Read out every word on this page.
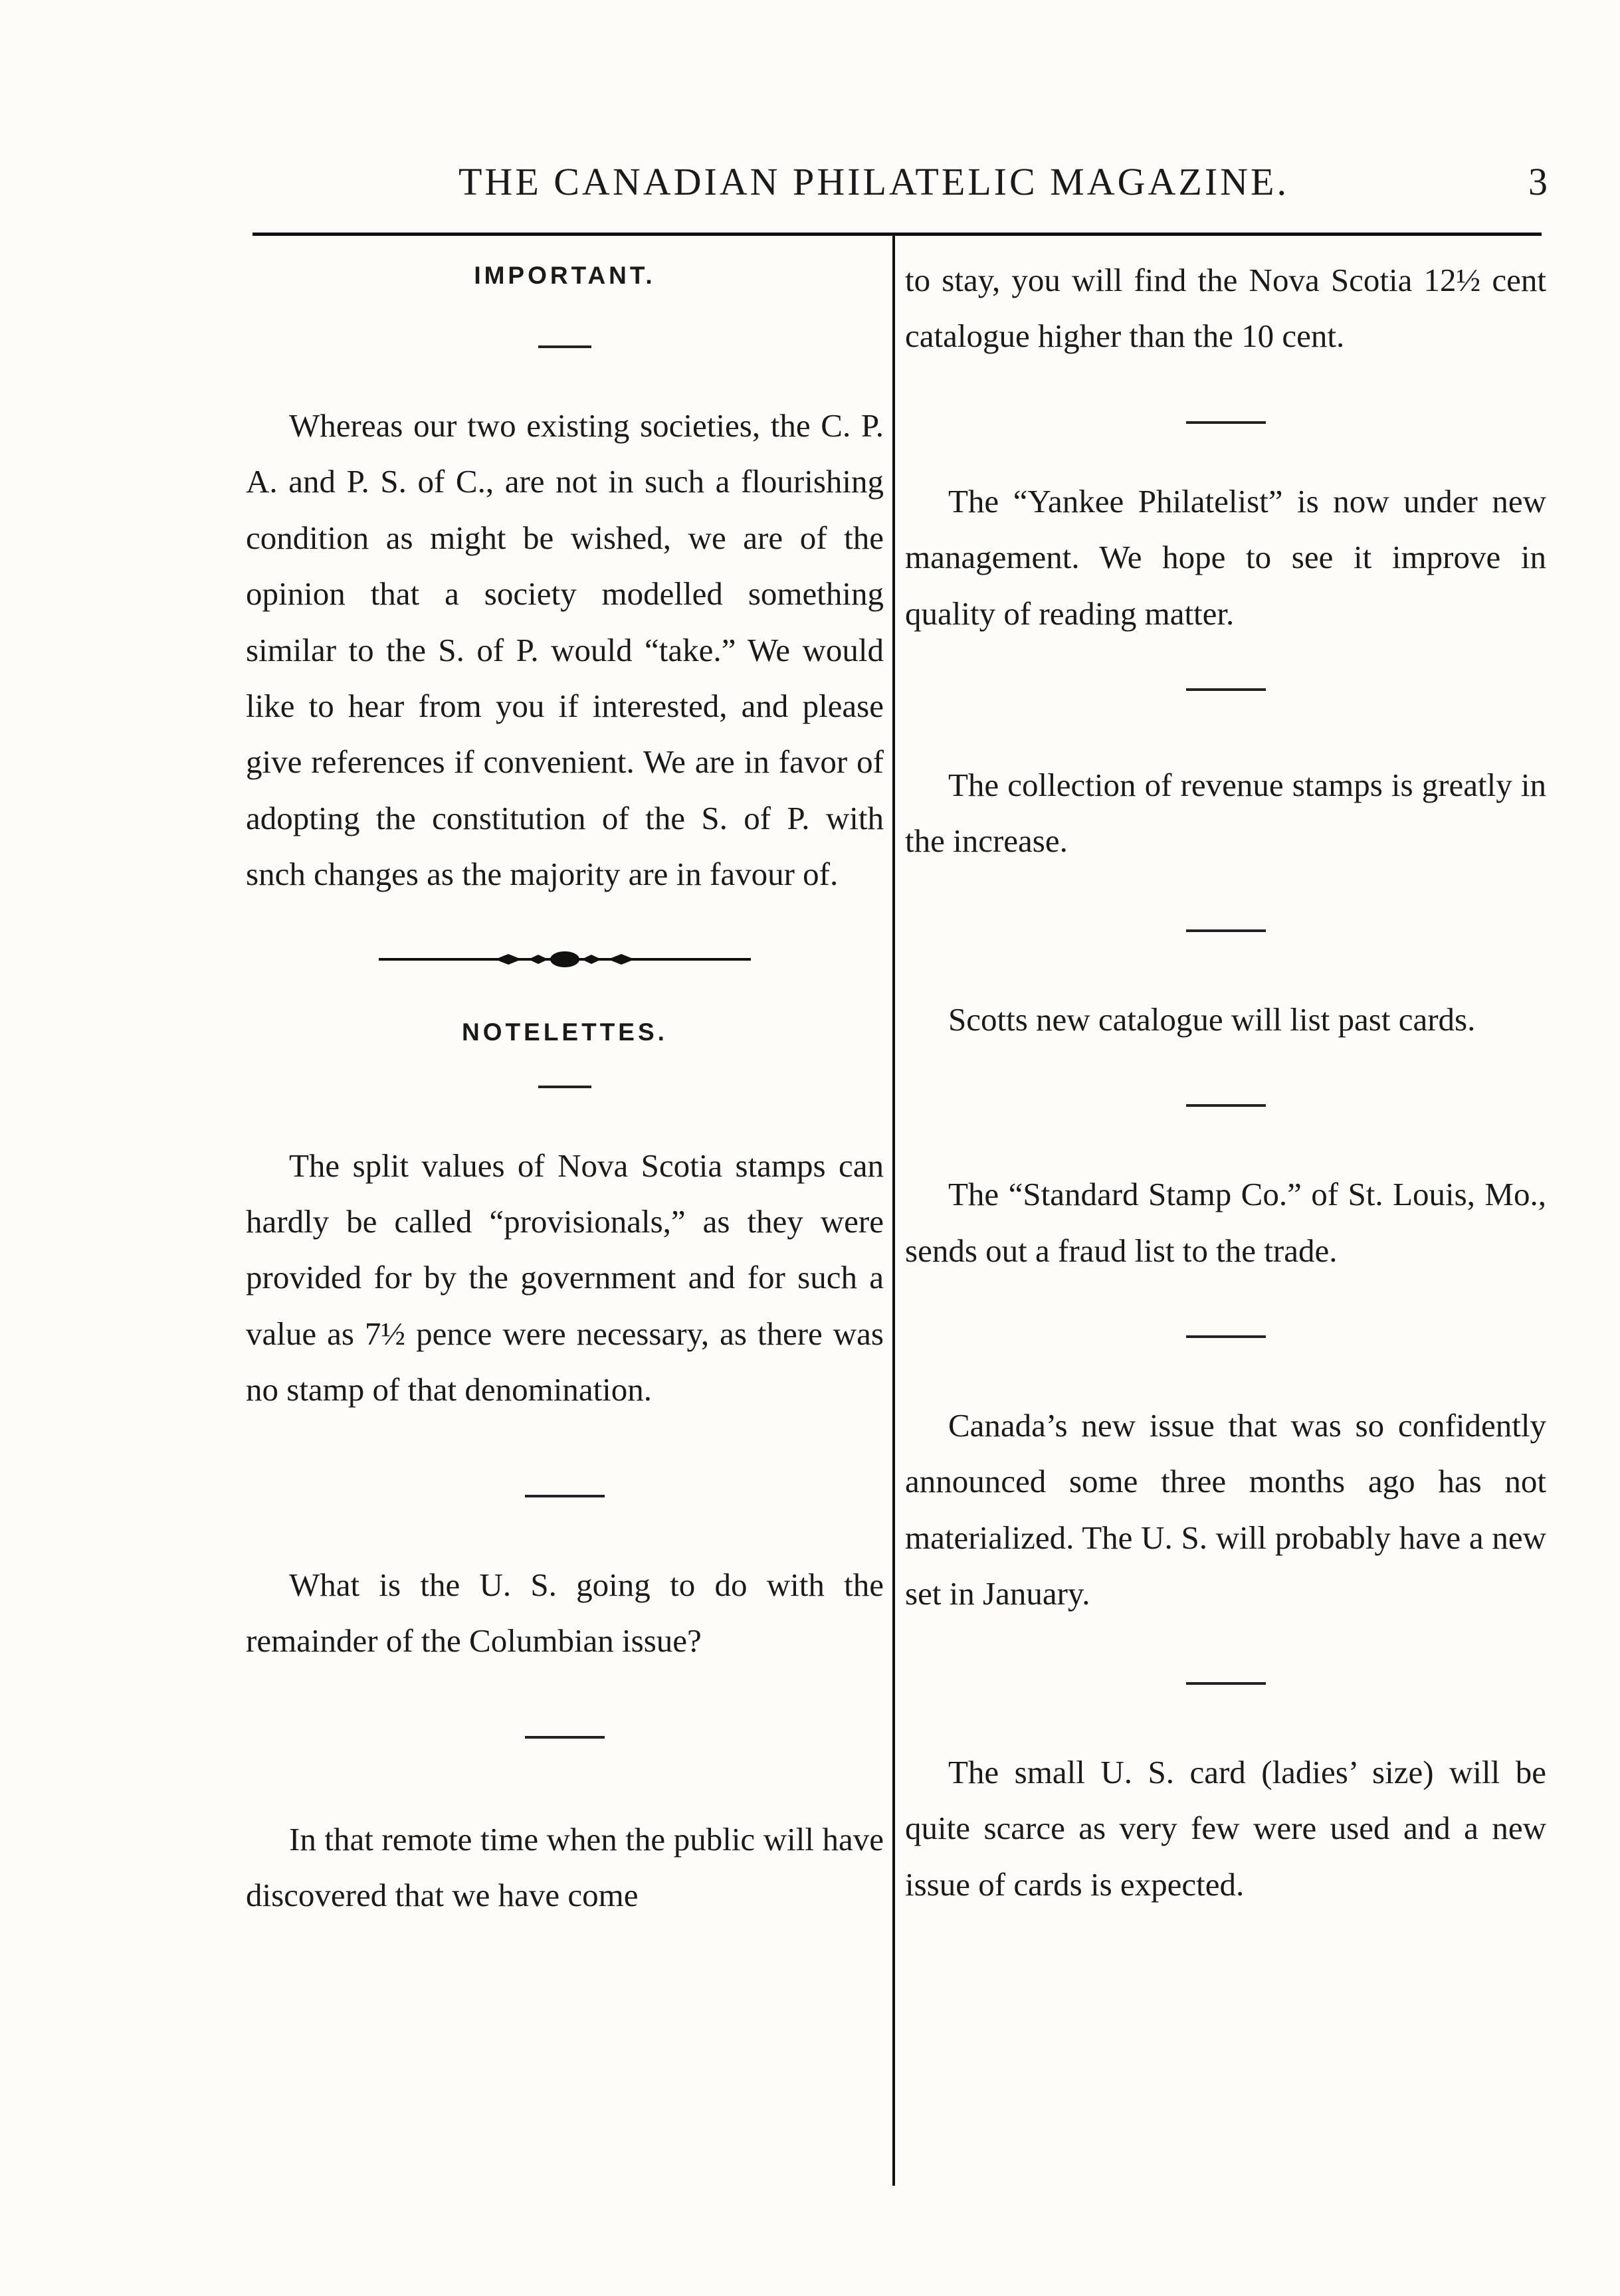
THE CANADIAN PHILATELIC MAGAZINE.	3
IMPORTANT.

Whereas our two existing societies, the C. P. A. and P. S. of C., are not in such a flourishing condition as might be wished, we are of the opinion that a society modelled something similar to the S. of P. would “take.” We would like to hear from you if interested, and please give references if convenient. We are in favor of adopting the constitution of the S. of P. with snch changes as the majority are in favour of.

NOTELETTES.

The split values of Nova Scotia stamps can hardly be called “provisionals,” as they were provided for by the government and for such a value as 7½ pence were necessary, as there was no stamp of that denomination.

What is the U. S. going to do with the remainder of the Columbian issue?

In that remote time when the public will have discovered that we have come

to stay, you will find the Nova Scotia 12½ cent catalogue higher than the 10 cent.

The “Yankee Philatelist” is now under new management. We hope to see it improve in quality of reading matter.

The collection of revenue stamps is greatly in the increase.

Scotts new catalogue will list past cards.

The “Standard Stamp Co.” of St. Louis, Mo., sends out a fraud list to the trade.

Canada’s new issue that was so confidently announced some three months ago has not materialized. The U. S. will probably have a new set in January.

The small U. S. card (ladies’ size) will be quite scarce as very few were used and a new issue of cards is expected.
